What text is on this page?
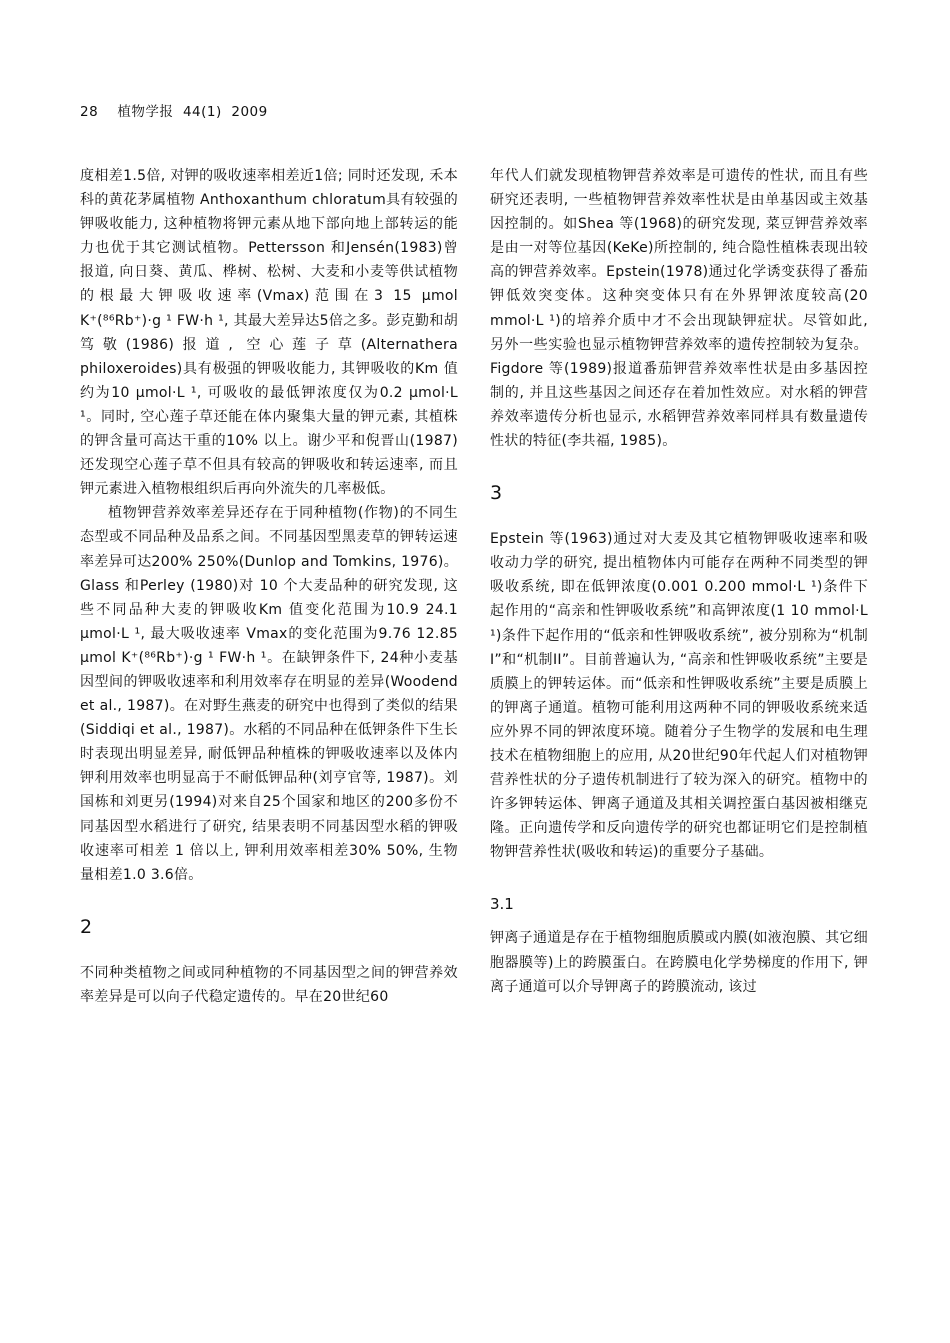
28 植物学报 44(1) 2009

度相差1.5倍, 对钾的吸收速率相差近1倍; 同时还发现, 禾本科的黄花茅属植物 Anthoxanthum chloratum具有较强的钾吸收能力, 这种植物将钾元素从地下部向地上部转运的能力也优于其它测试植物。Pettersson 和Jensén(1983)曾报道, 向日葵、黄瓜、桦树、松树、大麦和小麦等供试植物的根最大钾吸收速率(Vmax)范围在3 15 μmol K⁺(⁸⁶Rb⁺)·g ¹ FW·h ¹, 其最大差异达5倍之多。彭克勤和胡笃敬(1986)报道, 空心莲子草(Alternathera philoxeroides)具有极强的钾吸收能力, 其钾吸收的Km 值约为10 μmol·L ¹, 可吸收的最低钾浓度仅为0.2 μmol·L ¹。同时, 空心莲子草还能在体内聚集大量的钾元素, 其植株的钾含量可高达干重的10% 以上。谢少平和倪晋山(1987)还发现空心莲子草不但具有较高的钾吸收和转运速率, 而且钾元素进入植物根组织后再向外流失的几率极低。

植物钾营养效率差异还存在于同种植物(作物)的不同生态型或不同品种及品系之间。不同基因型黑麦草的钾转运速率差异可达200% 250%(Dunlop and Tomkins, 1976)。Glass 和Perley (1980)对 10 个大麦品种的研究发现, 这些不同品种大麦的钾吸收Km 值变化范围为10.9 24.1 μmol·L ¹, 最大吸收速率 Vmax的变化范围为9.76 12.85 μmol K⁺(⁸⁶Rb⁺)·g ¹ FW·h ¹。在缺钾条件下, 24种小麦基因型间的钾吸收速率和利用效率存在明显的差异(Woodend et al., 1987)。在对野生燕麦的研究中也得到了类似的结果(Siddiqi et al., 1987)。水稻的不同品种在低钾条件下生长时表现出明显差异, 耐低钾品种植株的钾吸收速率以及体内钾利用效率也明显高于不耐低钾品种(刘亨官等, 1987)。刘国栋和刘更另(1994)对来自25个国家和地区的200多份不同基因型水稻进行了研究, 结果表明不同基因型水稻的钾吸收速率可相差 1 倍以上, 钾利用效率相差30% 50%, 生物量相差1.0 3.6倍。

2

不同种类植物之间或同种植物的不同基因型之间的钾营养效率差异是可以向子代稳定遗传的。早在20世纪60

年代人们就发现植物钾营养效率是可遗传的性状, 而且有些研究还表明, 一些植物钾营养效率性状是由单基因或主效基因控制的。如Shea 等(1968)的研究发现, 菜豆钾营养效率是由一对等位基因(KeKe)所控制的, 纯合隐性植株表现出较高的钾营养效率。Epstein(1978)通过化学诱变获得了番茄钾低效突变体。这种突变体只有在外界钾浓度较高(20 mmol·L ¹)的培养介质中才不会出现缺钾症状。尽管如此, 另外一些实验也显示植物钾营养效率的遗传控制较为复杂。Figdore 等(1989)报道番茄钾营养效率性状是由多基因控制的, 并且这些基因之间还存在着加性效应。对水稻的钾营养效率遗传分析也显示, 水稻钾营养效率同样具有数量遗传性状的特征(李共福, 1985)。

3

Epstein 等(1963)通过对大麦及其它植物钾吸收速率和吸收动力学的研究, 提出植物体内可能存在两种不同类型的钾吸收系统, 即在低钾浓度(0.001 0.200 mmol·L ¹)条件下起作用的“高亲和性钾吸收系统”和高钾浓度(1 10 mmol·L ¹)条件下起作用的“低亲和性钾吸收系统”, 被分别称为“机制I”和“机制II”。目前普遍认为, “高亲和性钾吸收系统”主要是质膜上的钾转运体。而“低亲和性钾吸收系统”主要是质膜上的钾离子通道。植物可能利用这两种不同的钾吸收系统来适应外界不同的钾浓度环境。随着分子生物学的发展和电生理技术在植物细胞上的应用, 从20世纪90年代起人们对植物钾营养性状的分子遗传机制进行了较为深入的研究。植物中的许多钾转运体、钾离子通道及其相关调控蛋白基因被相继克隆。正向遗传学和反向遗传学的研究也都证明它们是控制植物钾营养性状(吸收和转运)的重要分子基础。

3.1

钾离子通道是存在于植物细胞质膜或内膜(如液泡膜、其它细胞器膜等)上的跨膜蛋白。在跨膜电化学势梯度的作用下, 钾离子通道可以介导钾离子的跨膜流动, 该过
